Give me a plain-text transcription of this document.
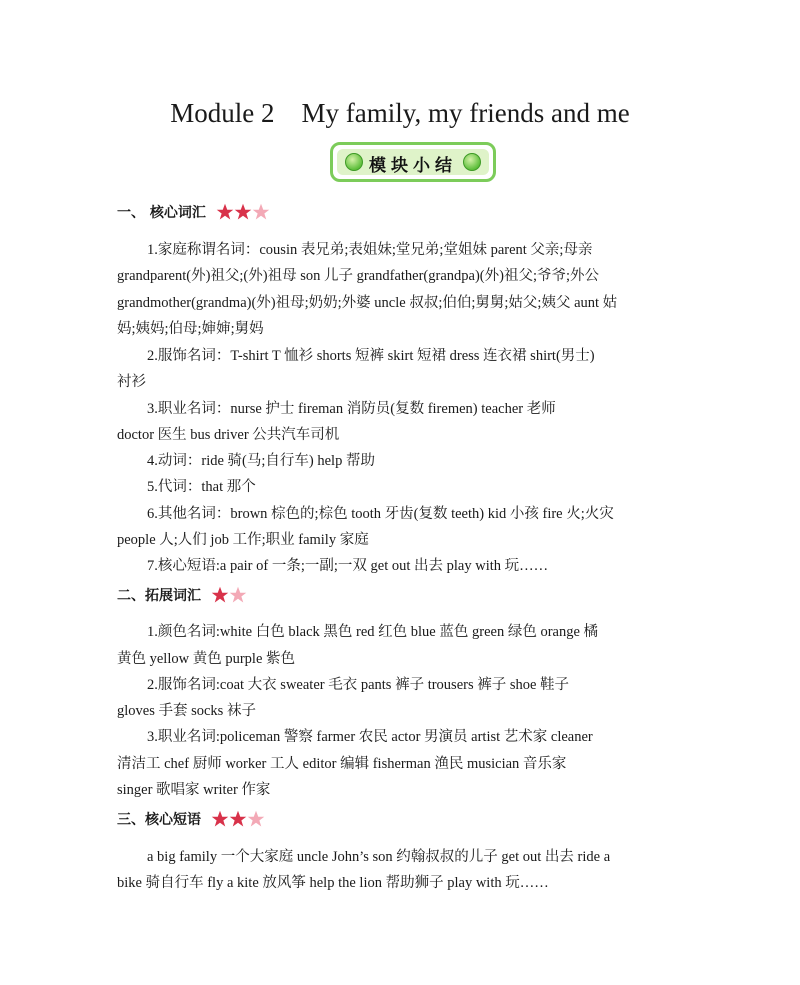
Module 2    My family, my friends and me
模块小结
一、 核心词汇
1.家庭称谓名词：cousin 表兄弟;表姐妹;堂兄弟;堂姐妹 parent 父亲;母亲
grandparent(外)祖父;(外)祖母 son 儿子 grandfather(grandpa)(外)祖父;爷爷;外公
grandmother(grandma)(外)祖母;奶奶;外婆 uncle 叔叔;伯伯;舅舅;姑父;姨父 aunt 姑
妈;姨妈;伯母;婶婶;舅妈
2.服饰名词：T-shirt T 恤衫 shorts 短裤 skirt 短裙 dress 连衣裙 shirt(男士)
衬衫
3.职业名词：nurse 护士 fireman 消防员(复数 firemen) teacher 老师
doctor 医生 bus driver 公共汽车司机
4.动词：ride 骑(马;自行车) help 帮助
5.代词：that 那个
6.其他名词：brown 棕色的;棕色 tooth 牙齿(复数 teeth) kid 小孩 fire 火;火灾
people 人;人们 job 工作;职业 family 家庭
7.核心短语:a pair of 一条;一副;一双 get out 出去 play with 玩……
二、拓展词汇
1.颜色名词:white 白色 black 黑色 red 红色 blue 蓝色 green 绿色 orange 橘
黄色 yellow 黄色 purple 紫色
2.服饰名词:coat 大衣 sweater 毛衣 pants 裤子 trousers 裤子 shoe 鞋子
gloves 手套 socks 袜子
3.职业名词:policeman 警察 farmer 农民 actor 男演员 artist 艺术家 cleaner
清洁工 chef 厨师 worker 工人 editor 编辑 fisherman 渔民 musician 音乐家
singer 歌唱家 writer 作家
三、核心短语
a big family 一个大家庭 uncle John’s son 约翰叔叔的儿子 get out 出去 ride a
bike 骑自行车 fly a kite 放风筝 help the lion 帮助狮子 play with 玩……
